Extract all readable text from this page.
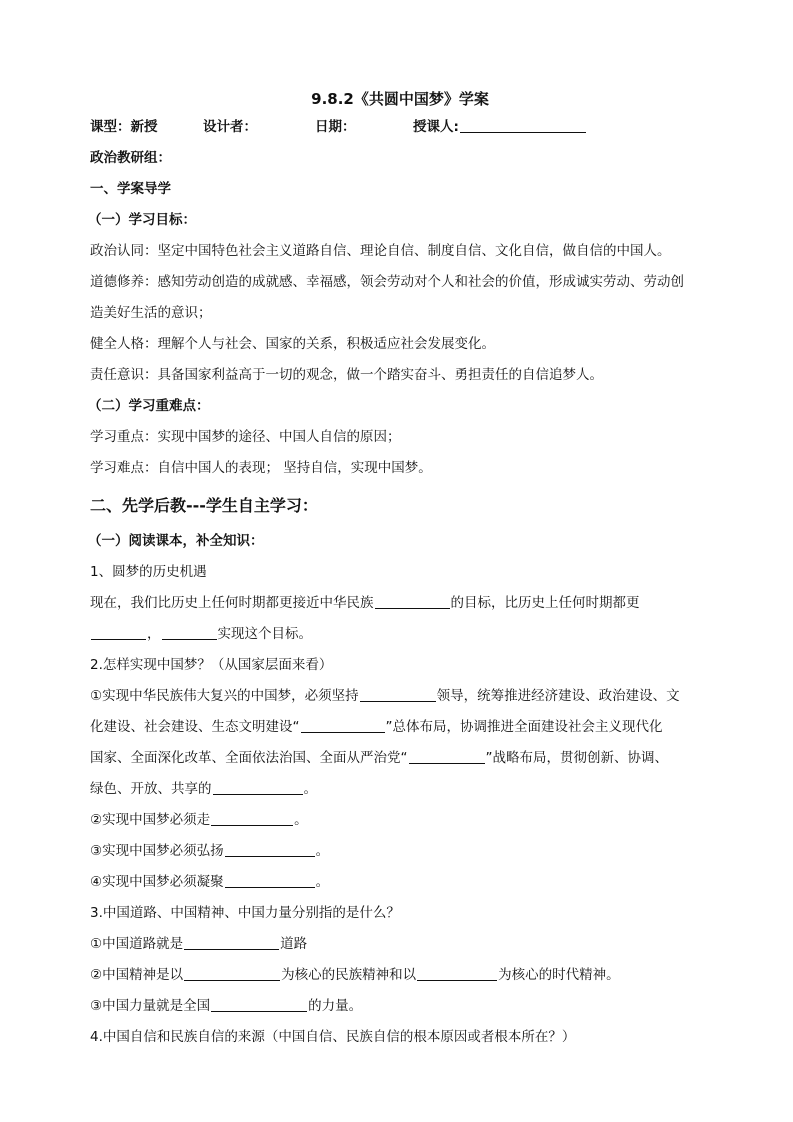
9.8.2《共圆中国梦》学案
课型：新授	设计者：	日期：	授课人:
政治教研组：
一、学案导学
（一）学习目标：
政治认同：坚定中国特色社会主义道路自信、理论自信、制度自信、文化自信，做自信的中国人。
道德修养：感知劳动创造的成就感、幸福感，领会劳动对个人和社会的价值，形成诚实劳动、劳动创
造美好生活的意识；
健全人格：理解个人与社会、国家的关系，积极适应社会发展变化。
责任意识：具备国家利益高于一切的观念，做一个踏实奋斗、勇担责任的自信追梦人。
（二）学习重难点：
学习重点：实现中国梦的途径、中国人自信的原因；
学习难点：自信中国人的表现； 坚持自信，实现中国梦。
二、先学后教---学生自主学习：
（一）阅读课本，补全知识：
1、圆梦的历史机遇
现在，我们比历史上任何时期都更接近中华民族	的目标，比历史上任何时期都更
，	实现这个目标。
2.怎样实现中国梦？（从国家层面来看）
①实现中华民族伟大复兴的中国梦，必须坚持	领导，统筹推进经济建设、政治建设、文
化建设、社会建设、生态文明建设“	”总体布局，协调推进全面建设社会主义现代化
国家、全面深化改革、全面依法治国、全面从严治党“	”战略布局，贯彻创新、协调、
绿色、开放、共享的	。
②实现中国梦必须走	。
③实现中国梦必须弘扬	。
④实现中国梦必须凝聚	。
3.中国道路、中国精神、中国力量分别指的是什么？
①中国道路就是	道路
②中国精神是以	为核心的民族精神和以	为核心的时代精神。
③中国力量就是全国	的力量。
4.中国自信和民族自信的来源（中国自信、民族自信的根本原因或者根本所在？）
